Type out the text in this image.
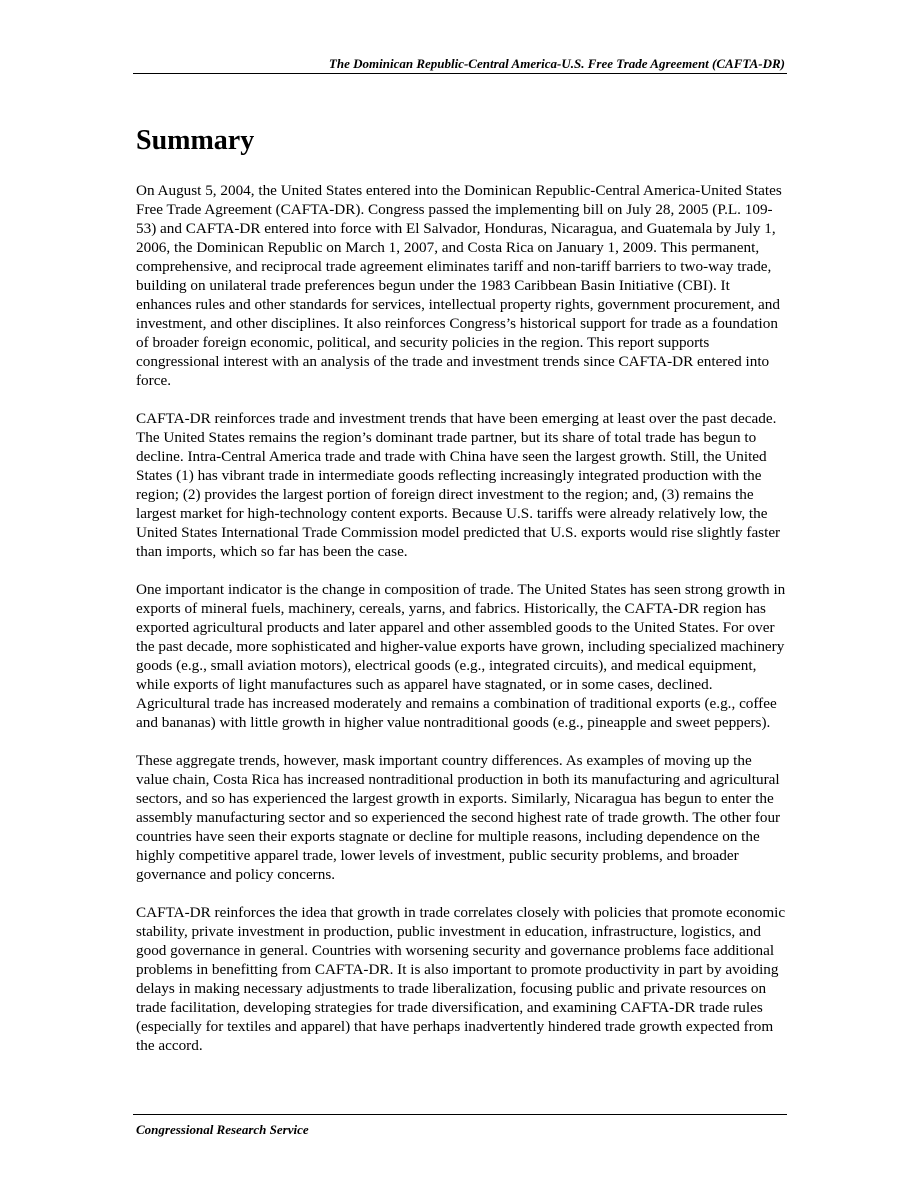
The Dominican Republic-Central America-U.S. Free Trade Agreement (CAFTA-DR)
Summary

On August 5, 2004, the United States entered into the Dominican Republic-Central America-United States Free Trade Agreement (CAFTA-DR). Congress passed the implementing bill on July 28, 2005 (P.L. 109-53) and CAFTA-DR entered into force with El Salvador, Honduras, Nicaragua, and Guatemala by July 1, 2006, the Dominican Republic on March 1, 2007, and Costa Rica on January 1, 2009. This permanent, comprehensive, and reciprocal trade agreement eliminates tariff and non-tariff barriers to two-way trade, building on unilateral trade preferences begun under the 1983 Caribbean Basin Initiative (CBI). It enhances rules and other standards for services, intellectual property rights, government procurement, and investment, and other disciplines. It also reinforces Congress’s historical support for trade as a foundation of broader foreign economic, political, and security policies in the region. This report supports congressional interest with an analysis of the trade and investment trends since CAFTA-DR entered into force.

CAFTA-DR reinforces trade and investment trends that have been emerging at least over the past decade. The United States remains the region’s dominant trade partner, but its share of total trade has begun to decline. Intra-Central America trade and trade with China have seen the largest growth. Still, the United States (1) has vibrant trade in intermediate goods reflecting increasingly integrated production with the region; (2) provides the largest portion of foreign direct investment to the region; and, (3) remains the largest market for high-technology content exports. Because U.S. tariffs were already relatively low, the United States International Trade Commission model predicted that U.S. exports would rise slightly faster than imports, which so far has been the case.

One important indicator is the change in composition of trade. The United States has seen strong growth in exports of mineral fuels, machinery, cereals, yarns, and fabrics. Historically, the CAFTA-DR region has exported agricultural products and later apparel and other assembled goods to the United States. For over the past decade, more sophisticated and higher-value exports have grown, including specialized machinery goods (e.g., small aviation motors), electrical goods (e.g., integrated circuits), and medical equipment, while exports of light manufactures such as apparel have stagnated, or in some cases, declined. Agricultural trade has increased moderately and remains a combination of traditional exports (e.g., coffee and bananas) with little growth in higher value nontraditional goods (e.g., pineapple and sweet peppers).

These aggregate trends, however, mask important country differences. As examples of moving up the value chain, Costa Rica has increased nontraditional production in both its manufacturing and agricultural sectors, and so has experienced the largest growth in exports. Similarly, Nicaragua has begun to enter the assembly manufacturing sector and so experienced the second highest rate of trade growth. The other four countries have seen their exports stagnate or decline for multiple reasons, including dependence on the highly competitive apparel trade, lower levels of investment, public security problems, and broader governance and policy concerns.

CAFTA-DR reinforces the idea that growth in trade correlates closely with policies that promote economic stability, private investment in production, public investment in education, infrastructure, logistics, and good governance in general. Countries with worsening security and governance problems face additional problems in benefitting from CAFTA-DR. It is also important to promote productivity in part by avoiding delays in making necessary adjustments to trade liberalization, focusing public and private resources on trade facilitation, developing strategies for trade diversification, and examining CAFTA-DR trade rules (especially for textiles and apparel) that have perhaps inadvertently hindered trade growth expected from the accord.

Congressional Research Service
